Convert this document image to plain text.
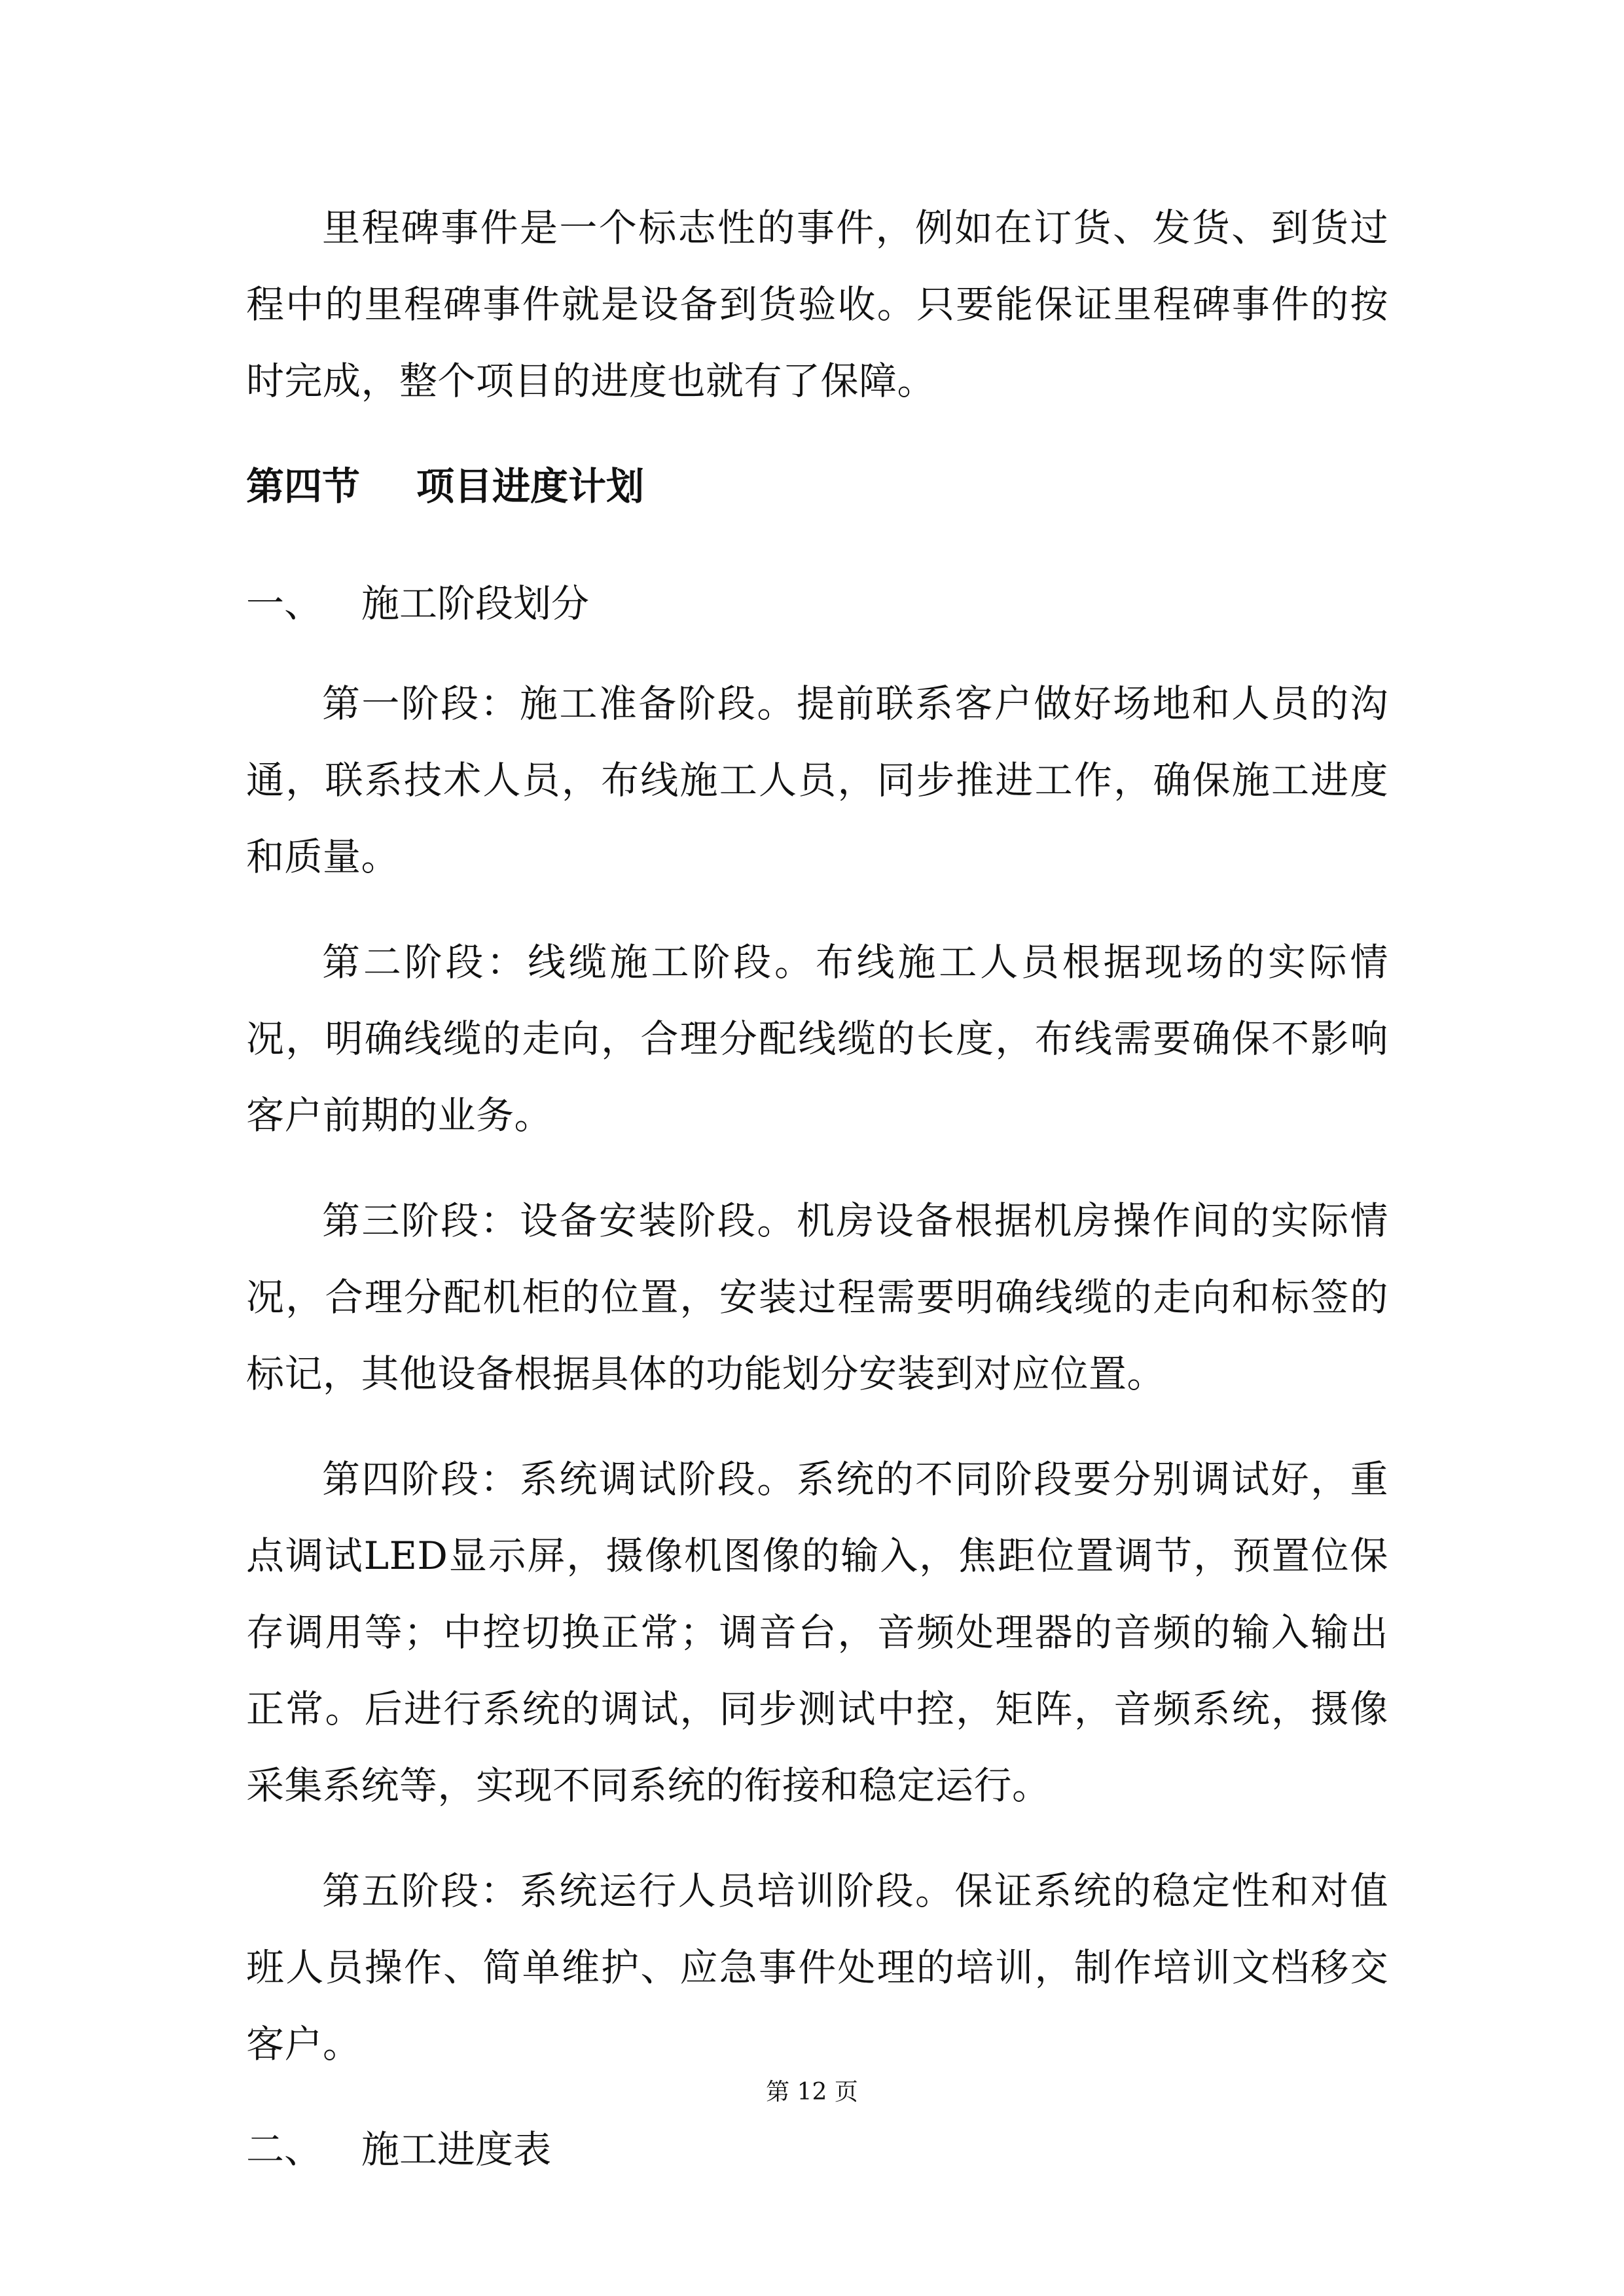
里程碑事件是一个标志性的事件，例如在订货、发货、到货过程中的里程碑事件就是设备到货验收。只要能保证里程碑事件的按时完成，整个项目的进度也就有了保障。

第四节	项目进度计划
一、	施工阶段划分

第一阶段：施工准备阶段。提前联系客户做好场地和人员的沟通，联系技术人员，布线施工人员，同步推进工作，确保施工进度和质量。

第二阶段：线缆施工阶段。布线施工人员根据现场的实际情况，明确线缆的走向，合理分配线缆的长度，布线需要确保不影响客户前期的业务。

第三阶段：设备安装阶段。机房设备根据机房操作间的实际情况，合理分配机柜的位置，安装过程需要明确线缆的走向和标签的标记，其他设备根据具体的功能划分安装到对应位置。

第四阶段：系统调试阶段。系统的不同阶段要分别调试好，重点调试LED显示屏，摄像机图像的输入，焦距位置调节，预置位保存调用等；中控切换正常；调音台，音频处理器的音频的输入输出正常。后进行系统的调试，同步测试中控，矩阵，音频系统，摄像采集系统等，实现不同系统的衔接和稳定运行。

第五阶段：系统运行人员培训阶段。保证系统的稳定性和对值班人员操作、简单维护、应急事件处理的培训，制作培训文档移交客户。

二、	施工进度表
第 12 页
